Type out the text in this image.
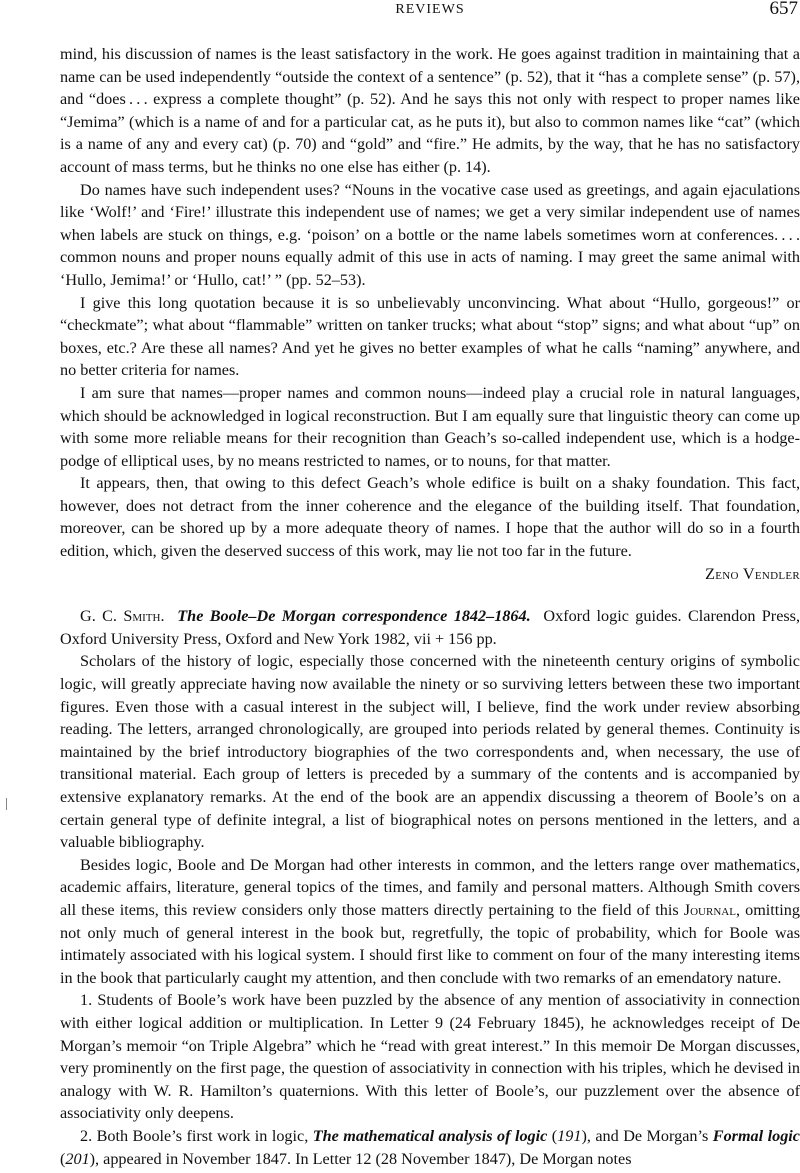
REVIEWS	657

mind, his discussion of names is the least satisfactory in the work. He goes against tradition in maintaining that a name can be used independently “outside the context of a sentence” (p. 52), that it “has a complete sense” (p. 57), and “does . . . express a complete thought” (p. 52). And he says this not only with respect to proper names like “Jemima” (which is a name of and for a particular cat, as he puts it), but also to common names like “cat” (which is a name of any and every cat) (p. 70) and “gold” and “fire.” He admits, by the way, that he has no satisfactory account of mass terms, but he thinks no one else has either (p. 14).

Do names have such independent uses? “Nouns in the vocative case used as greetings, and again ejaculations like ‘Wolf!’ and ‘Fire!’ illustrate this independent use of names; we get a very similar independent use of names when labels are stuck on things, e.g. ‘poison’ on a bottle or the name labels sometimes worn at conferences. . . . common nouns and proper nouns equally admit of this use in acts of naming. I may greet the same animal with ‘Hullo, Jemima!’ or ‘Hullo, cat!’ ” (pp. 52–53).

I give this long quotation because it is so unbelievably unconvincing. What about “Hullo, gorgeous!” or “checkmate”; what about “flammable” written on tanker trucks; what about “stop” signs; and what about “up” on boxes, etc.? Are these all names? And yet he gives no better examples of what he calls “naming” anywhere, and no better criteria for names.

I am sure that names—proper names and common nouns—indeed play a crucial role in natural languages, which should be acknowledged in logical reconstruction. But I am equally sure that linguistic theory can come up with some more reliable means for their recognition than Geach’s so-called independent use, which is a hodge-podge of elliptical uses, by no means restricted to names, or to nouns, for that matter.

It appears, then, that owing to this defect Geach’s whole edifice is built on a shaky foundation. This fact, however, does not detract from the inner coherence and the elegance of the building itself. That foundation, moreover, can be shored up by a more adequate theory of names. I hope that the author will do so in a fourth edition, which, given the deserved success of this work, may lie not too far in the future.

Zeno Vendler

G. C. Smith. The Boole–De Morgan correspondence 1842–1864. Oxford logic guides. Clarendon Press, Oxford University Press, Oxford and New York 1982, vii + 156 pp.

Scholars of the history of logic, especially those concerned with the nineteenth century origins of symbolic logic, will greatly appreciate having now available the ninety or so surviving letters between these two important figures. Even those with a casual interest in the subject will, I believe, find the work under review absorbing reading. The letters, arranged chronologically, are grouped into periods related by general themes. Continuity is maintained by the brief introductory biographies of the two correspondents and, when necessary, the use of transitional material. Each group of letters is preceded by a summary of the contents and is accompanied by extensive explanatory remarks. At the end of the book are an appendix discussing a theorem of Boole’s on a certain general type of definite integral, a list of biographical notes on persons mentioned in the letters, and a valuable bibliography.

Besides logic, Boole and De Morgan had other interests in common, and the letters range over mathematics, academic affairs, literature, general topics of the times, and family and personal matters. Although Smith covers all these items, this review considers only those matters directly pertaining to the field of this Journal, omitting not only much of general interest in the book but, regretfully, the topic of probability, which for Boole was intimately associated with his logical system. I should first like to comment on four of the many interesting items in the book that particularly caught my attention, and then conclude with two remarks of an emendatory nature.

1. Students of Boole’s work have been puzzled by the absence of any mention of associativity in connection with either logical addition or multiplication. In Letter 9 (24 February 1845), he acknowledges receipt of De Morgan’s memoir “on Triple Algebra” which he “read with great interest.” In this memoir De Morgan discusses, very prominently on the first page, the question of associativity in connection with his triples, which he devised in analogy with W. R. Hamilton’s quaternions. With this letter of Boole’s, our puzzlement over the absence of associativity only deepens.

2. Both Boole’s first work in logic, The mathematical analysis of logic (191), and De Morgan’s Formal logic (201), appeared in November 1847. In Letter 12 (28 November 1847), De Morgan notes
